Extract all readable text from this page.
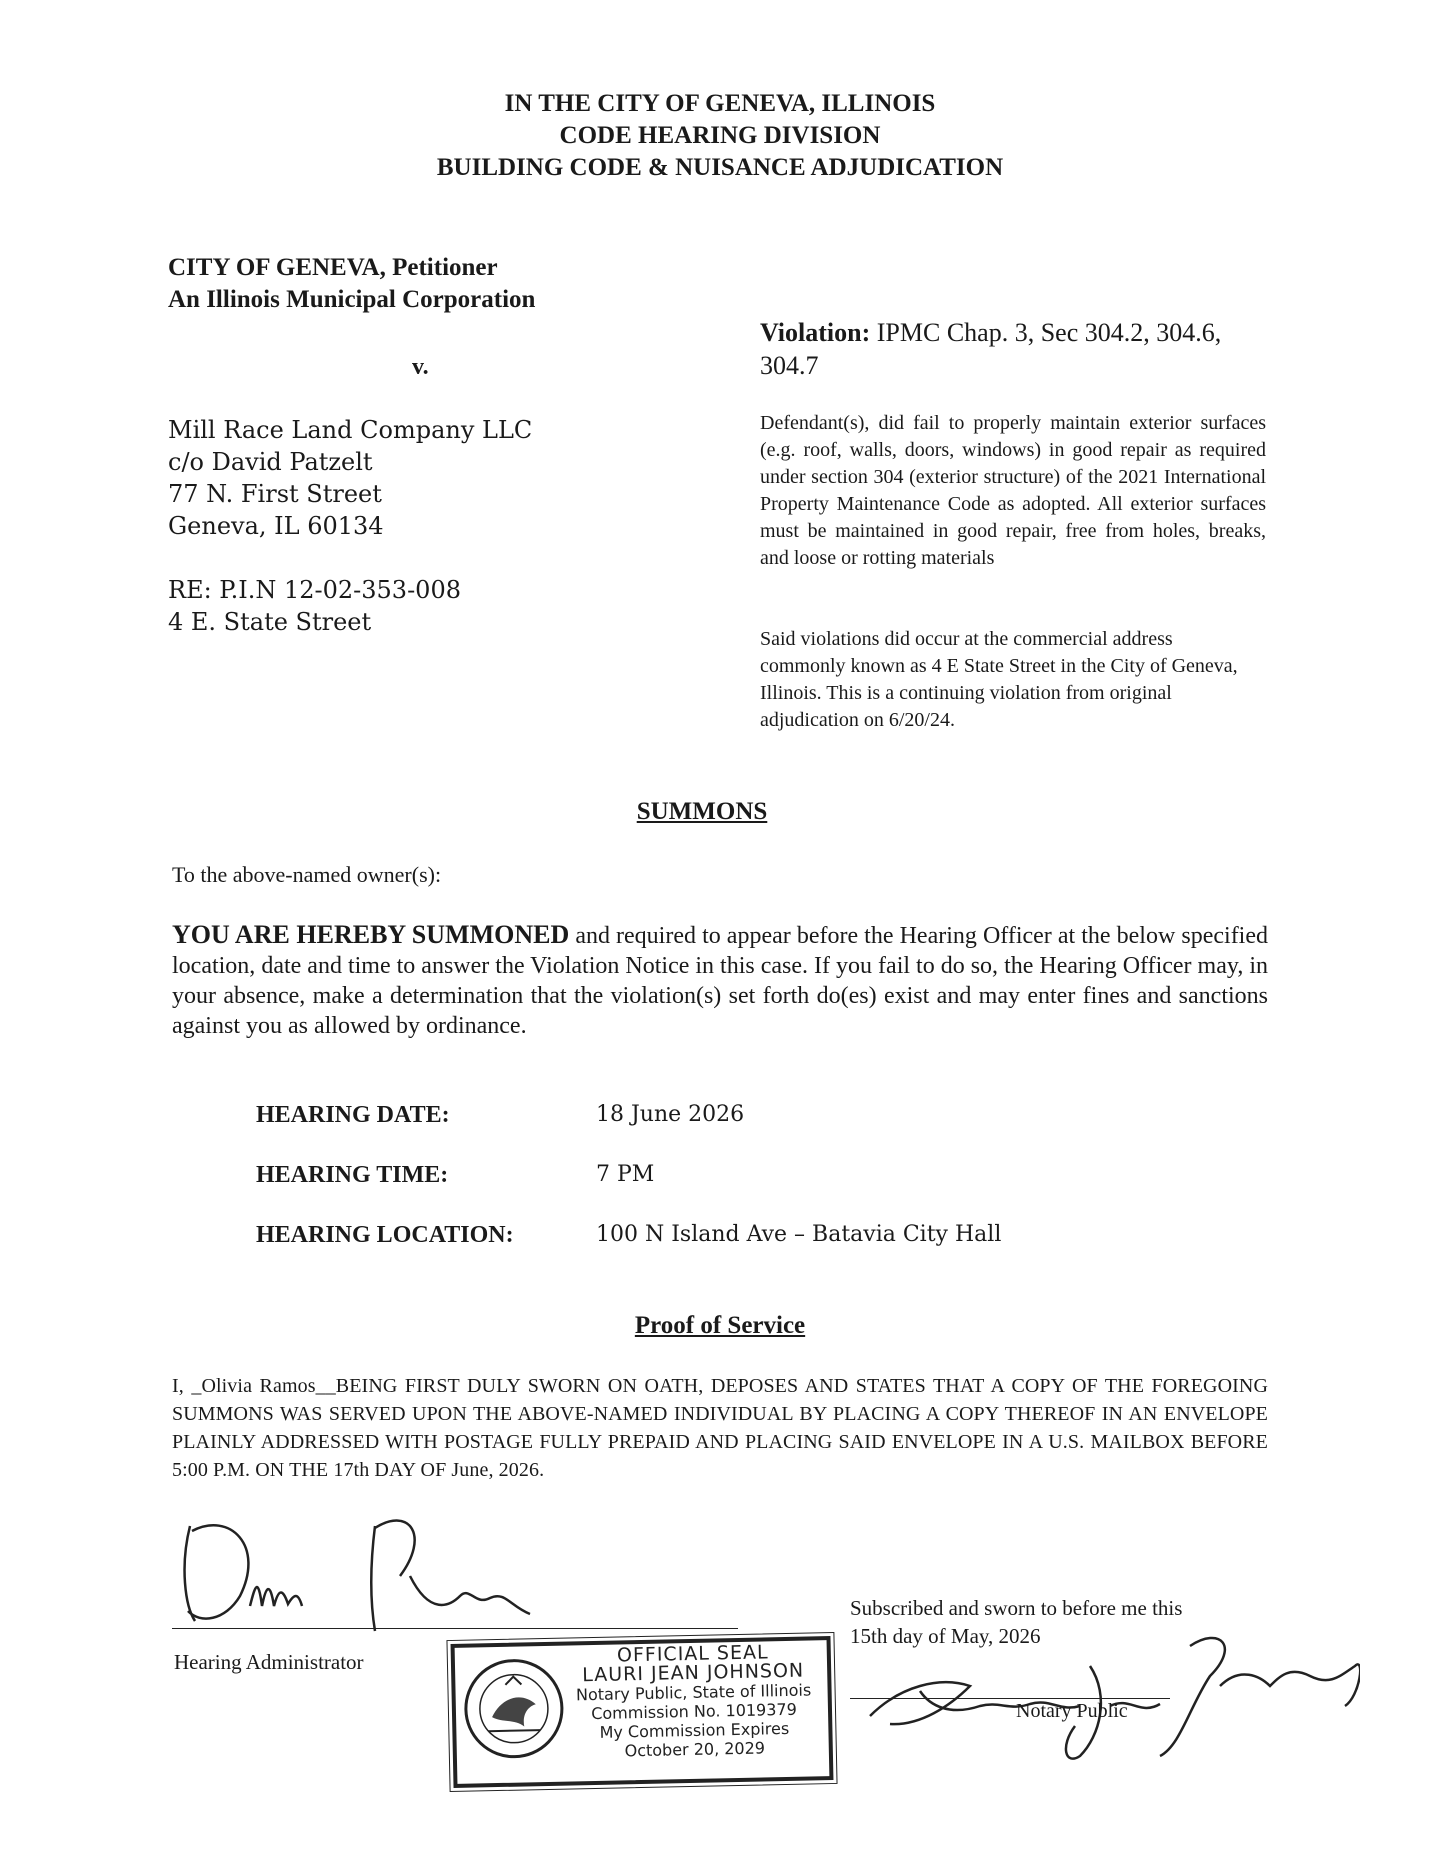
IN THE CITY OF GENEVA, ILLINOIS
CODE HEARING DIVISION
BUILDING CODE & NUISANCE ADJUDICATION
CITY OF GENEVA, Petitioner
An Illinois Municipal Corporation
v.
Mill Race Land Company LLC
c/o David Patzelt
77 N. First Street
Geneva, IL 60134
RE: P.I.N 12-02-353-008
4 E. State Street
Violation: IPMC Chap. 3, Sec 304.2, 304.6,
304.7
Defendant(s), did fail to properly maintain exterior surfaces (e.g. roof, walls, doors, windows) in good repair as required under section 304 (exterior structure) of the 2021 International Property Maintenance Code as adopted. All exterior surfaces must be maintained in good repair, free from holes, breaks, and loose or rotting materials
Said violations did occur at the commercial address commonly known as 4 E State Street in the City of Geneva, Illinois. This is a continuing violation from original adjudication on 6/20/24.
SUMMONS
To the above-named owner(s):
YOU ARE HEREBY SUMMONED and required to appear before the Hearing Officer at the below specified location, date and time to answer the Violation Notice in this case. If you fail to do so, the Hearing Officer may, in your absence, make a determination that the violation(s) set forth do(es) exist and may enter fines and sanctions against you as allowed by ordinance.
HEARING DATE:	18 June 2026
HEARING TIME:	7 PM
HEARING LOCATION:	100 N Island Ave – Batavia City Hall
Proof of Service
I, _Olivia Ramos__BEING FIRST DULY SWORN ON OATH, DEPOSES AND STATES THAT A COPY OF THE FOREGOING SUMMONS WAS SERVED UPON THE ABOVE-NAMED INDIVIDUAL BY PLACING A COPY THEREOF IN AN ENVELOPE PLAINLY ADDRESSED WITH POSTAGE FULLY PREPAID AND PLACING SAID ENVELOPE IN A U.S. MAILBOX BEFORE 5:00 P.M. ON THE 17th DAY OF June, 2026.
Hearing Administrator
Subscribed and sworn to before me this
15th day of May, 2026
Notary Public
OFFICIAL SEAL
LAURI JEAN JOHNSON
Notary Public, State of Illinois
Commission No. 1019379
My Commission Expires
October 20, 2029
